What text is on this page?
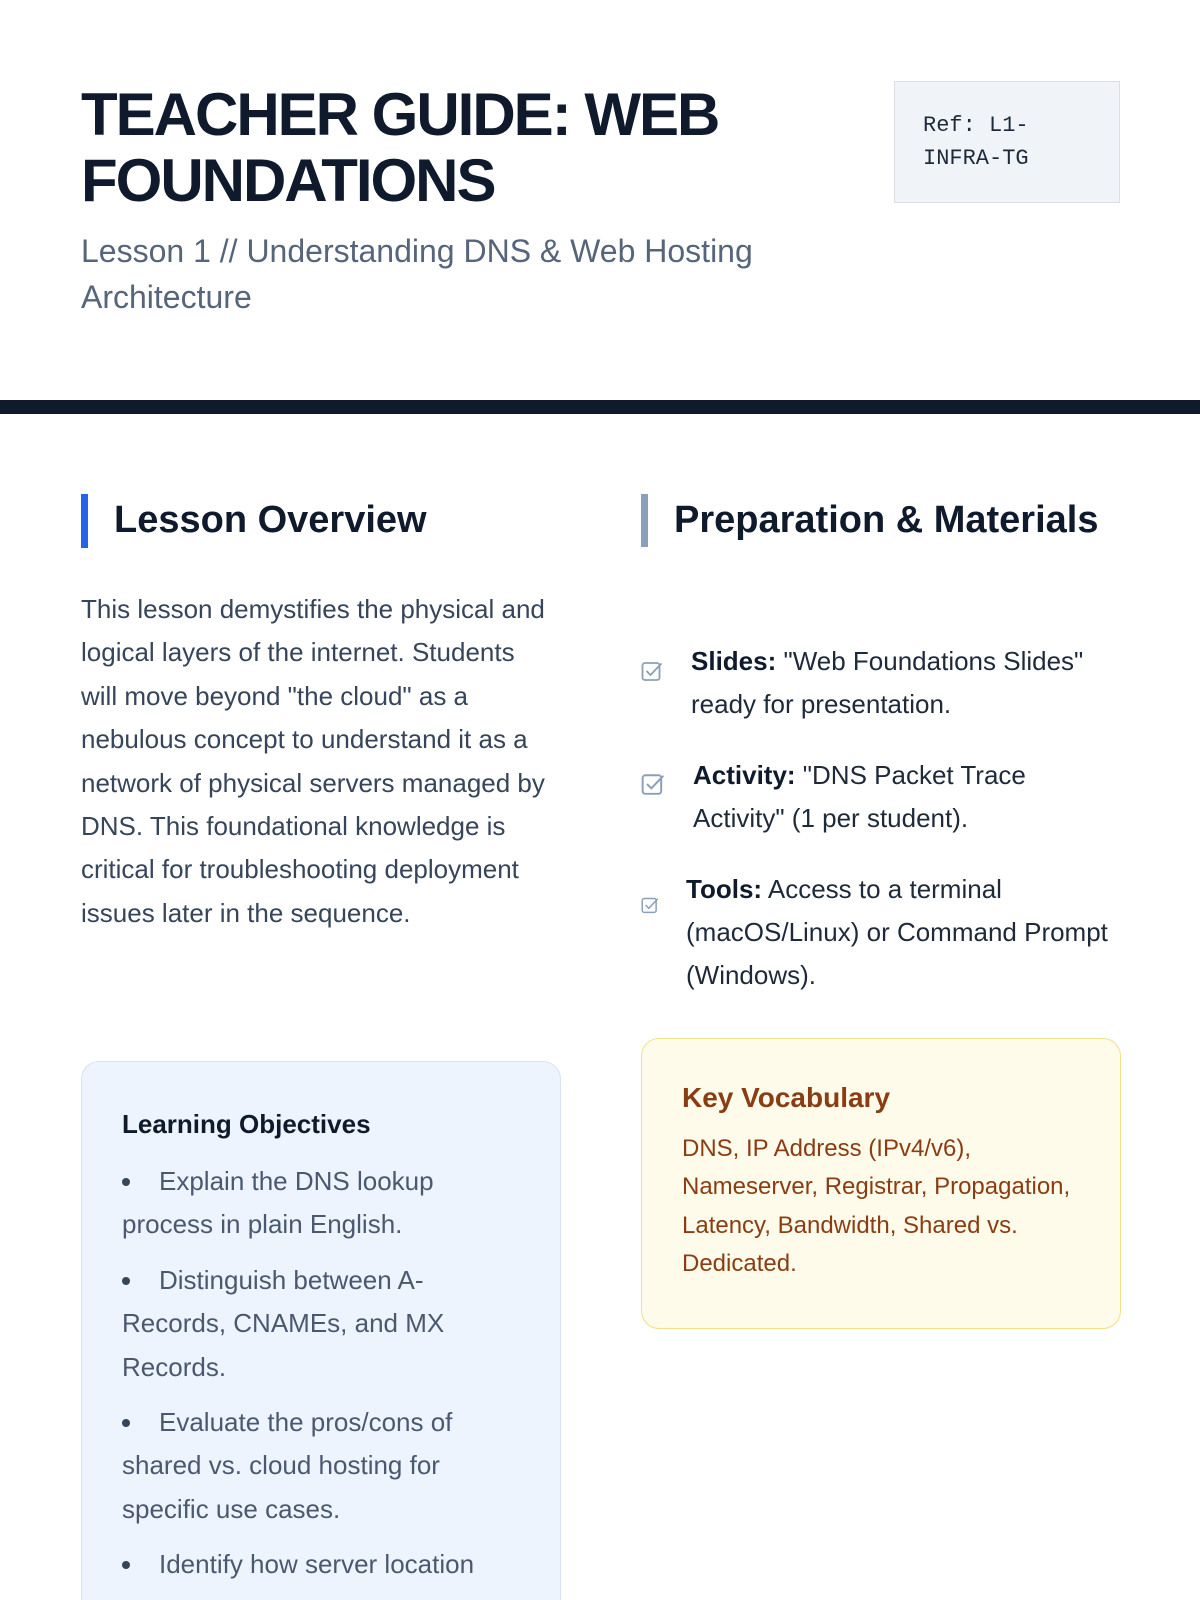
TEACHER GUIDE: WEB FOUNDATIONS

Lesson 1 // Understanding DNS & Web Hosting Architecture

Ref: L1-INFRA-TG
Lesson Overview

This lesson demystifies the physical and logical layers of the internet. Students will move beyond "the cloud" as a nebulous concept to understand it as a network of physical servers managed by DNS. This foundational knowledge is critical for troubleshooting deployment issues later in the sequence.

Learning Objectives
Explain the DNS lookup process in plain English.
Distinguish between A-Records, CNAMEs, and MX Records.
Evaluate the pros/cons of shared vs. cloud hosting for specific use cases.
Identify how server location
Preparation & Materials
Slides: "Web Foundations Slides" ready for presentation.
Activity: "DNS Packet Trace Activity" (1 per student).
Tools: Access to a terminal (macOS/Linux) or Command Prompt (Windows).
Key Vocabulary

DNS, IP Address (IPv4/v6), Nameserver, Registrar, Propagation, Latency, Bandwidth, Shared vs. Dedicated.
